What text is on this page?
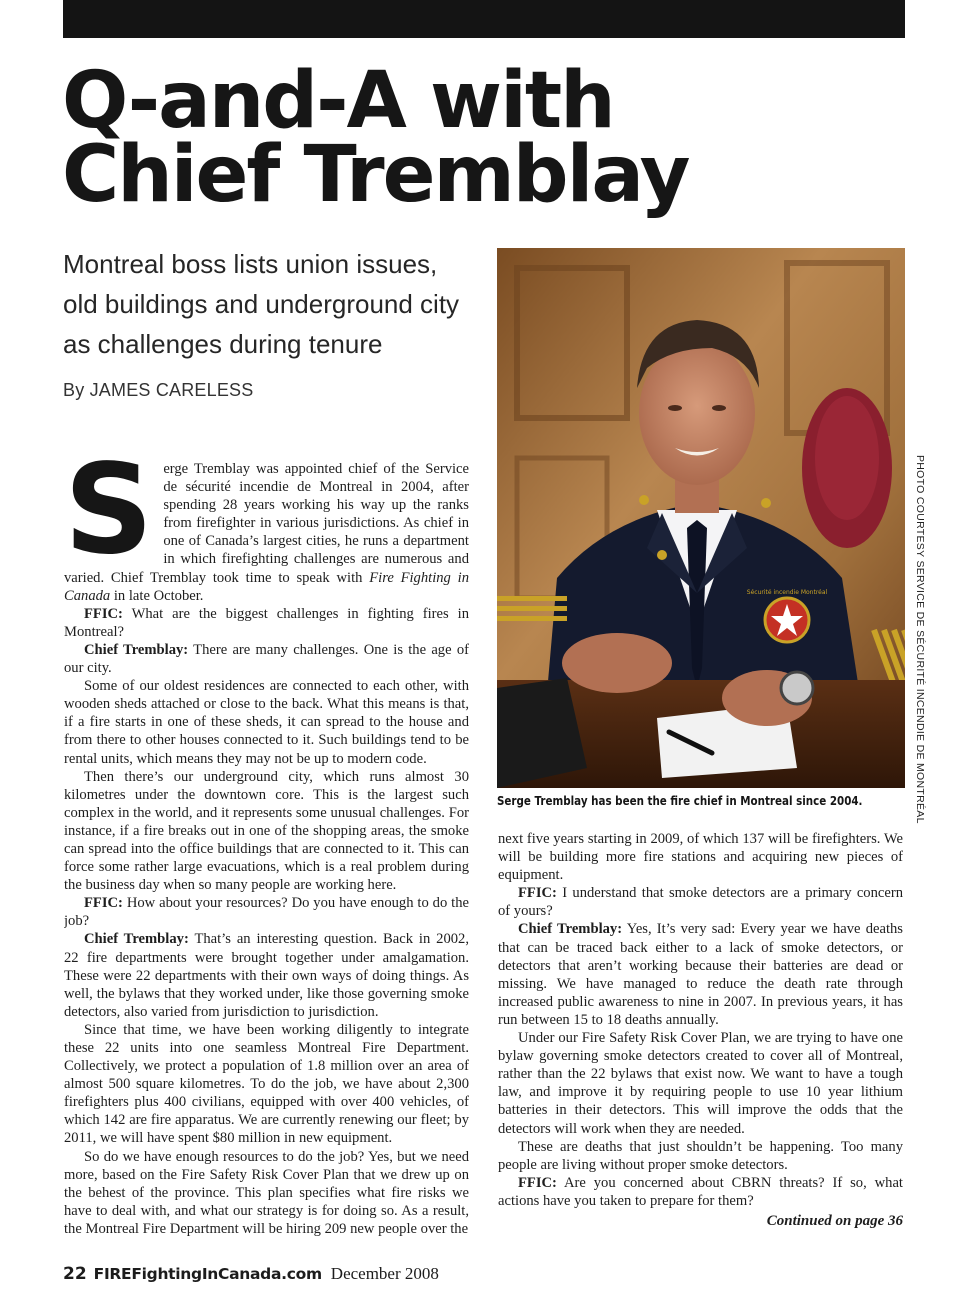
Q-and-A with
Chief Tremblay
Montreal boss lists union issues,
old buildings and underground city
as challenges during tenure
By JAMES CARELESS
Sécurité incendie Montréal
Serge Tremblay has been the fire chief in Montreal since 2004.	PHOTO COURTESY SERVICE DE SÉCURITÉ INCENDIE DE MONTRÉAL
S erge Tremblay was appointed chief of the Service de sécurité incendie de Montreal in 2004, after spending 28 years working his way up the ranks from firefighter in various jurisdictions. As chief in one of Canada’s largest cities, he runs a department in which firefighting challenges are numerous and varied. Chief Tremblay took time to speak with Fire Fighting in Canada in late October.

FFIC: What are the biggest challenges in fighting fires in Montreal?

Chief Tremblay: There are many challenges. One is the age of our city.

Some of our oldest residences are connected to each other, with wooden sheds attached or close to the back. What this means is that, if a fire starts in one of these sheds, it can spread to the house and from there to other houses connected to it. Such buildings tend to be rental units, which means they may not be up to modern code.

Then there’s our underground city, which runs almost 30 kilometres under the downtown core. This is the largest such complex in the world, and it represents some unusual challenges. For instance, if a fire breaks out in one of the shopping areas, the smoke can spread into the office buildings that are connected to it. This can force some rather large evacuations, which is a real problem during the business day when so many people are working here.

FFIC: How about your resources? Do you have enough to do the job?

Chief Tremblay: That’s an interesting question. Back in 2002, 22 fire departments were brought together under amalgamation. These were 22 departments with their own ways of doing things. As well, the bylaws that they worked under, like those governing smoke detectors, also varied from jurisdiction to jurisdiction.

Since that time, we have been working diligently to integrate these 22 units into one seamless Montreal Fire Department. Collectively, we protect a population of 1.8 million over an area of almost 500 square kilometres. To do the job, we have about 2,300 firefighters plus 400 civilians, equipped with over 400 vehicles, of which 142 are fire apparatus. We are currently renewing our fleet; by 2011, we will have spent $80 million in new equipment.

So do we have enough resources to do the job? Yes, but we need more, based on the Fire Safety Risk Cover Plan that we drew up on the behest of the province. This plan specifies what fire risks we have to deal with, and what our strategy is for doing so. As a result, the Montreal Fire Department will be hiring 209 new people over the

next five years starting in 2009, of which 137 will be firefighters. We will be building more fire stations and acquiring new pieces of equipment.

FFIC: I understand that smoke detectors are a primary concern of yours?

Chief Tremblay: Yes, It’s very sad: Every year we have deaths that can be traced back either to a lack of smoke detectors, or detectors that aren’t working because their batteries are dead or missing. We have managed to reduce the death rate through increased public awareness to nine in 2007. In previous years, it has run between 15 to 18 deaths annually.

Under our Fire Safety Risk Cover Plan, we are trying to have one bylaw governing smoke detectors created to cover all of Montreal, rather than the 22 bylaws that exist now. We want to have a tough law, and improve it by requiring people to use 10 year lithium batteries in their detectors. This will improve the odds that the detectors will work when they are needed.

These are deaths that just shouldn’t be happening. Too many people are living without proper smoke detectors.

FFIC: Are you concerned about CBRN threats? If so, what actions have you taken to prepare for them?

Continued on page 36
22 FIREFightingInCanada.com December 2008
